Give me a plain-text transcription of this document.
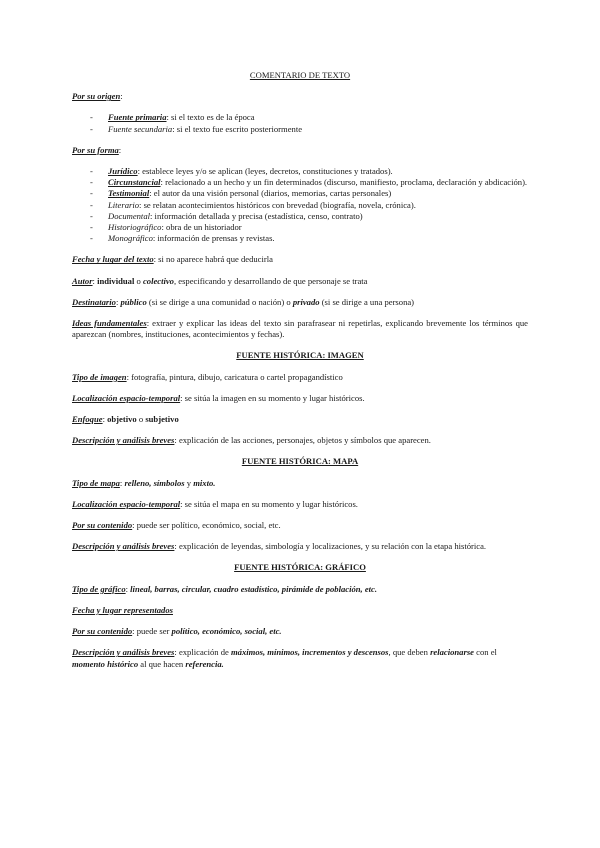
COMENTARIO DE TEXTO

Por su origen:

- Fuente primaria: si el texto es de la época
- Fuente secundaria: si el texto fue escrito posteriormente

Por su forma:

- Jurídico: establece leyes y/o se aplican (leyes, decretos, constituciones y tratados).
- Circunstancial: relacionado a un hecho y un fin determinados (discurso, manifiesto, proclama, declaración y abdicación).
- Testimonial: el autor da una visión personal (diarios, memorias, cartas personales)
- Literario: se relatan acontecimientos históricos con brevedad (biografía, novela, crónica).
- Documental: información detallada y precisa (estadística, censo, contrato)
- Historiográfico: obra de un historiador
- Monográfico: información de prensas y revistas.

Fecha y lugar del texto: si no aparece habrá que deducirla

Autor: individual o colectivo, especificando y desarrollando de que personaje se trata

Destinatario: público (si se dirige a una comunidad o nación) o privado (si se dirige a una persona)

Ideas fundamentales: extraer y explicar las ideas del texto sin parafrasear ni repetirlas, explicando brevemente los términos que aparezcan (nombres, instituciones, acontecimientos y fechas).

FUENTE HISTÓRICA: IMAGEN

Tipo de imagen: fotografía, pintura, dibujo, caricatura o cartel propagandístico

Localización espacio-temporal: se sitúa la imagen en su momento y lugar históricos.

Enfoque: objetivo o subjetivo

Descripción y análisis breves: explicación de las acciones, personajes, objetos y símbolos que aparecen.

FUENTE HISTÓRICA: MAPA

Tipo de mapa: relleno, símbolos y mixto.

Localización espacio-temporal: se sitúa el mapa en su momento y lugar históricos.

Por su contenido: puede ser político, económico, social, etc.

Descripción y análisis breves: explicación de leyendas, simbología y localizaciones, y su relación con la etapa histórica.

FUENTE HISTÓRICA: GRÁFICO

Tipo de gráfico: lineal, barras, circular, cuadro estadístico, pirámide de población, etc.

Fecha y lugar representados

Por su contenido: puede ser político, económico, social, etc.

Descripción y análisis breves: explicación de máximos, mínimos, incrementos y descensos, que deben relacionarse con el momento histórico al que hacen referencia.
